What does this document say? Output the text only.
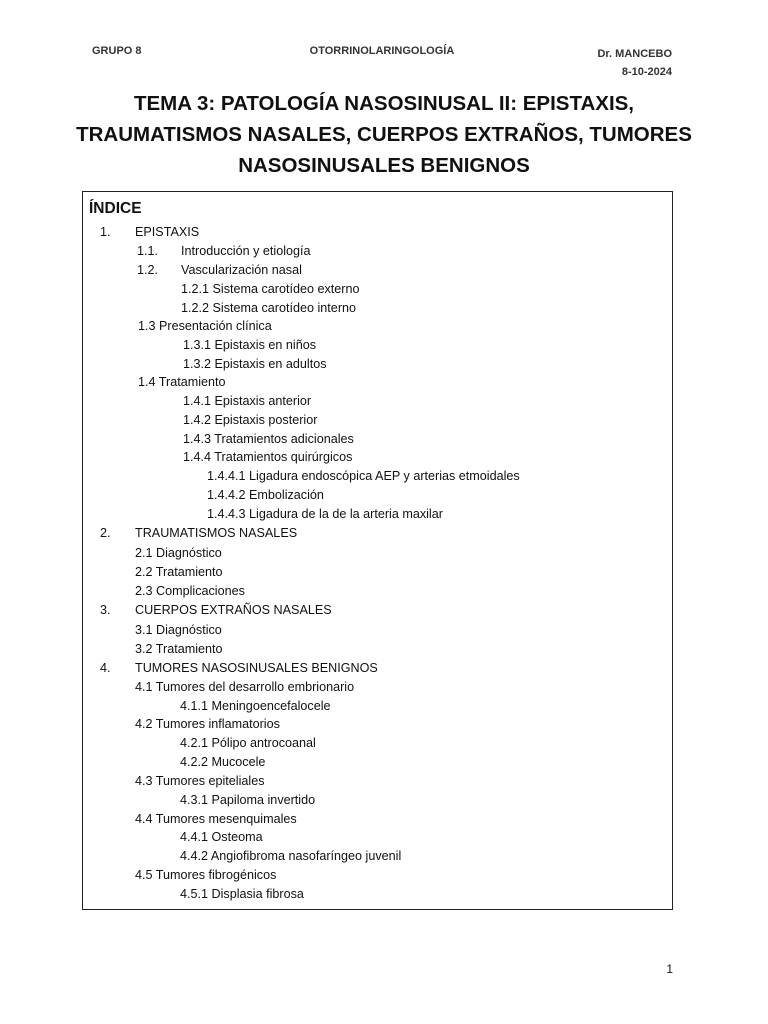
GRUPO 8	OTORRINOLARINGOLOGÍA	Dr. MANCEBO
8-10-2024
TEMA 3: PATOLOGÍA NASOSINUSAL II: EPISTAXIS,
TRAUMATISMOS NASALES, CUERPOS EXTRAÑOS, TUMORES
NASOSINUSALES BENIGNOS
ÍNDICE
1. EPISTAXIS
1.1. Introducción y etiología
1.2. Vascularización nasal
1.2.1 Sistema carotídeo externo
1.2.2 Sistema carotídeo interno
1.3 Presentación clínica
1.3.1 Epistaxis en niños
1.3.2 Epistaxis en adultos
1.4 Tratamiento
1.4.1 Epistaxis anterior
1.4.2 Epistaxis posterior
1.4.3 Tratamientos adicionales
1.4.4 Tratamientos quirúrgicos
1.4.4.1 Ligadura endoscópica AEP y arterias etmoidales
1.4.4.2 Embolización
1.4.4.3 Ligadura de la de la arteria maxilar
2. TRAUMATISMOS NASALES
2.1 Diagnóstico
2.2 Tratamiento
2.3 Complicaciones
3. CUERPOS EXTRAÑOS NASALES
3.1 Diagnóstico
3.2 Tratamiento
4. TUMORES NASOSINUSALES BENIGNOS
4.1 Tumores del desarrollo embrionario
4.1.1 Meningoencefalocele
4.2 Tumores inflamatorios
4.2.1 Pólipo antrocoanal
4.2.2 Mucocele
4.3 Tumores epiteliales
4.3.1 Papiloma invertido
4.4 Tumores mesenquimales
4.4.1 Osteoma
4.4.2 Angiofibroma nasofaríngeo juvenil
4.5 Tumores fibrogénicos
4.5.1 Displasia fibrosa
1
